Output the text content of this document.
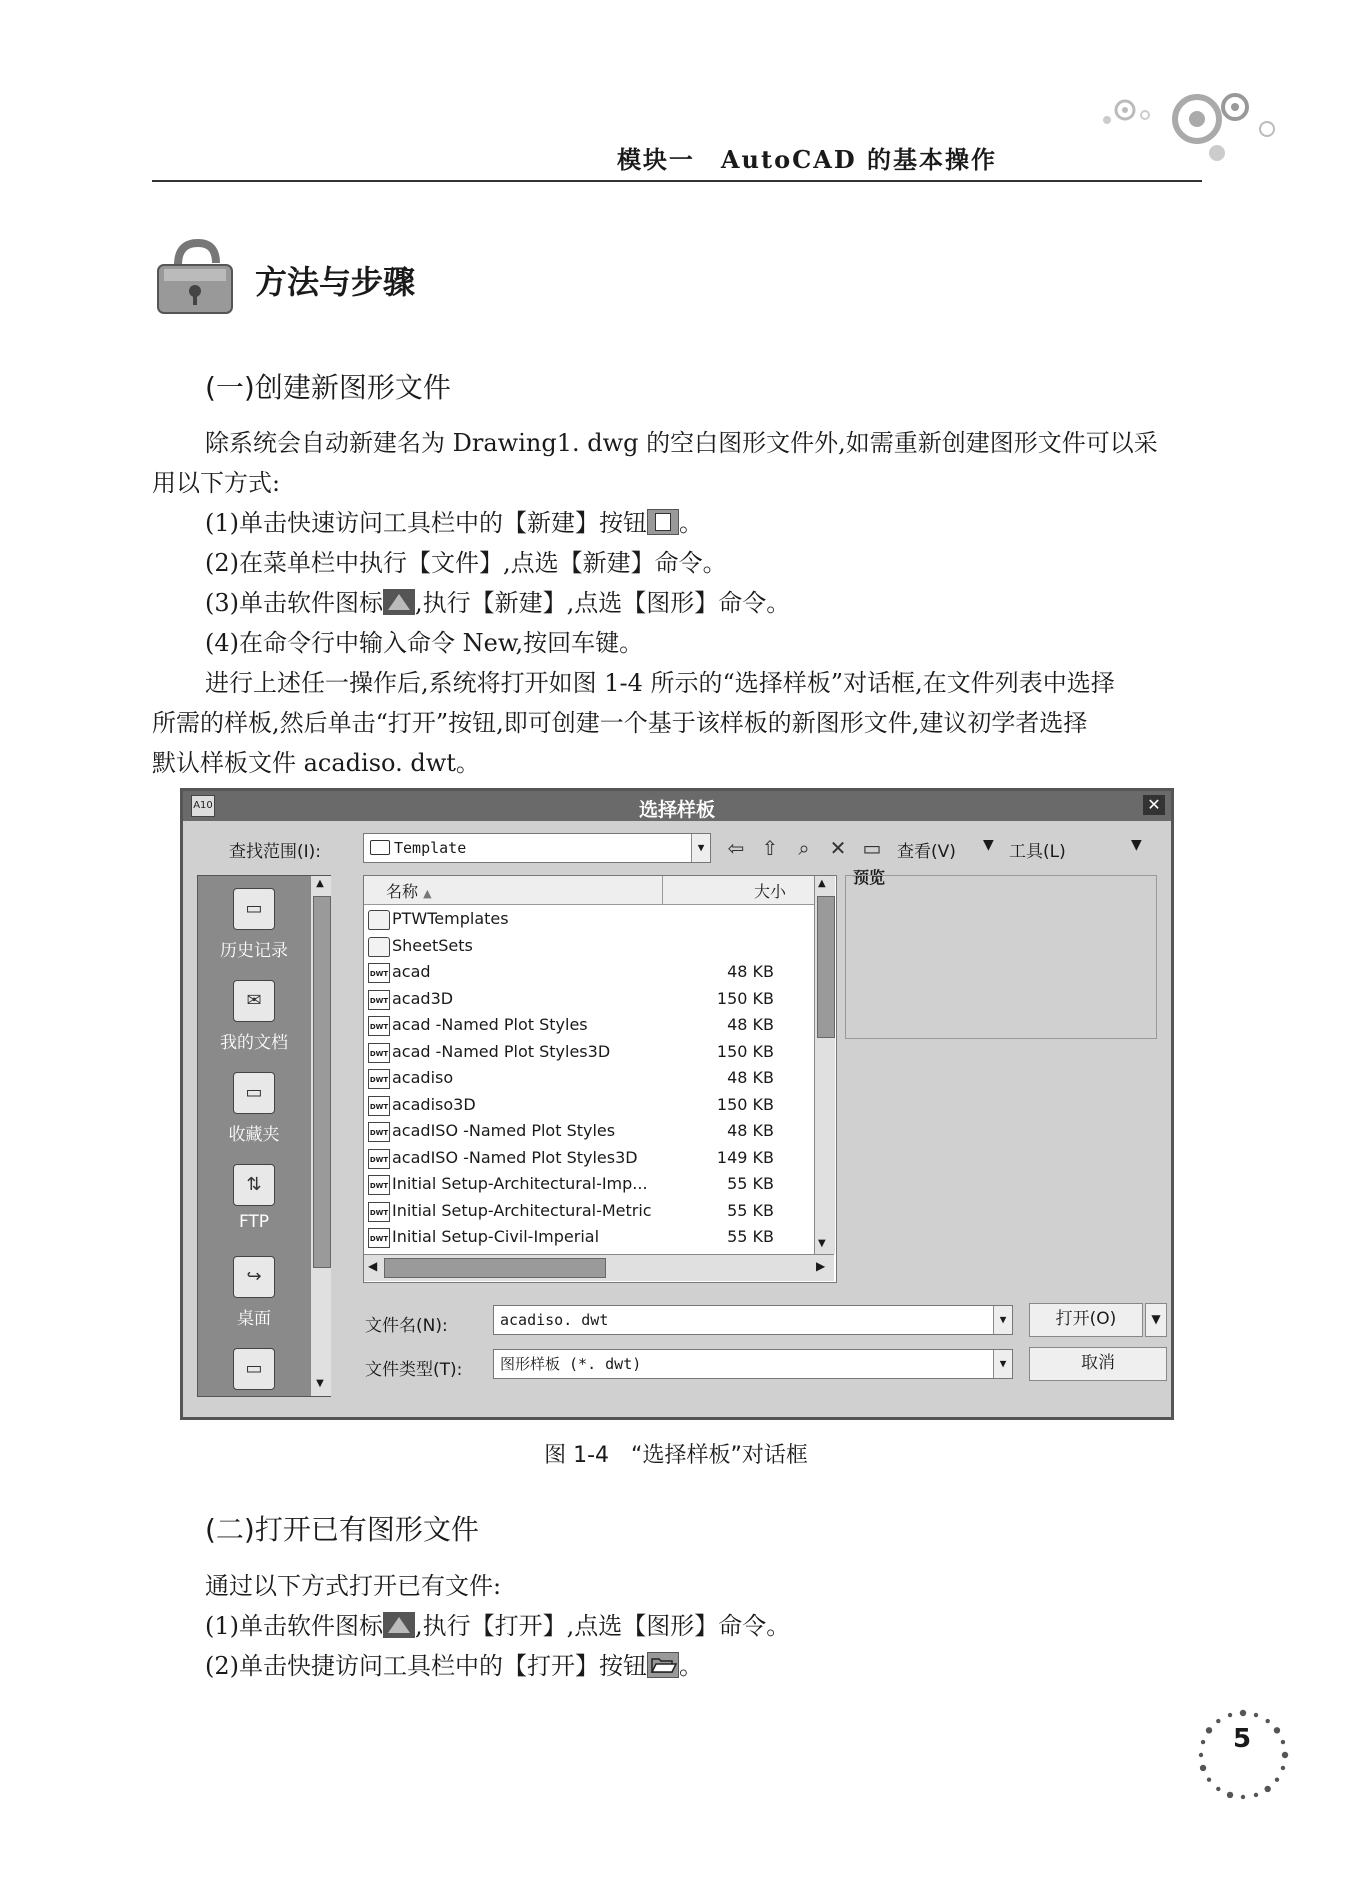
模块一　AutoCAD 的基本操作
方法与步骤
(一)创建新图形文件
除系统会自动新建名为 Drawing1. dwg 的空白图形文件外,如需重新创建图形文件可以采
用以下方式:
(1)单击快速访问工具栏中的【新建】按钮 。
(2)在菜单栏中执行【文件】,点选【新建】命令。
(3)单击软件图标 ,执行【新建】,点选【图形】命令。
(4)在命令行中输入命令 New,按回车键。
进行上述任一操作后,系统将打开如图 1-4 所示的“选择样板”对话框,在文件列表中选择
所需的样板,然后单击“打开”按钮,即可创建一个基于该样板的新图形文件,建议初学者选择
默认样板文件 acadiso. dwt。
A10	选择样板	✕
查找范围(I):	Template	▼ ⇦ ⇧	⌕	✕ ▭ 查看(V) ▼ 工具(L)	▼
▭
历史记录
✉
我的文档
▭
收藏夹
⇅
FTP
↪
桌面
▭
▲
▼
名称 ▲	大小
PTWTemplates
SheetSets
DWT acad	48 KB
DWT acad3D	150 KB
DWT acad -Named Plot Styles	48 KB
DWT acad -Named Plot Styles3D	150 KB
DWT acadiso	48 KB
DWT acadiso3D	150 KB
DWT acadISO -Named Plot Styles	48 KB
DWT acadISO -Named Plot Styles3D	149 KB
DWT Initial Setup-Architectural-Imp...	55 KB
DWT Initial Setup-Architectural-Metric	55 KB
DWT Initial Setup-Civil-Imperial	55 KB
▲
▼
◀	▶
预览
文件名(N):	acadiso. dwt	▼	打开(O)	▼
文件类型(T):	图形样板 (*. dwt)	▼	取消
图 1-4　“选择样板”对话框
(二)打开已有图形文件
通过以下方式打开已有文件:
(1)单击软件图标 ,执行【打开】,点选【图形】命令。
(2)单击快捷访问工具栏中的【打开】按钮 。
5
